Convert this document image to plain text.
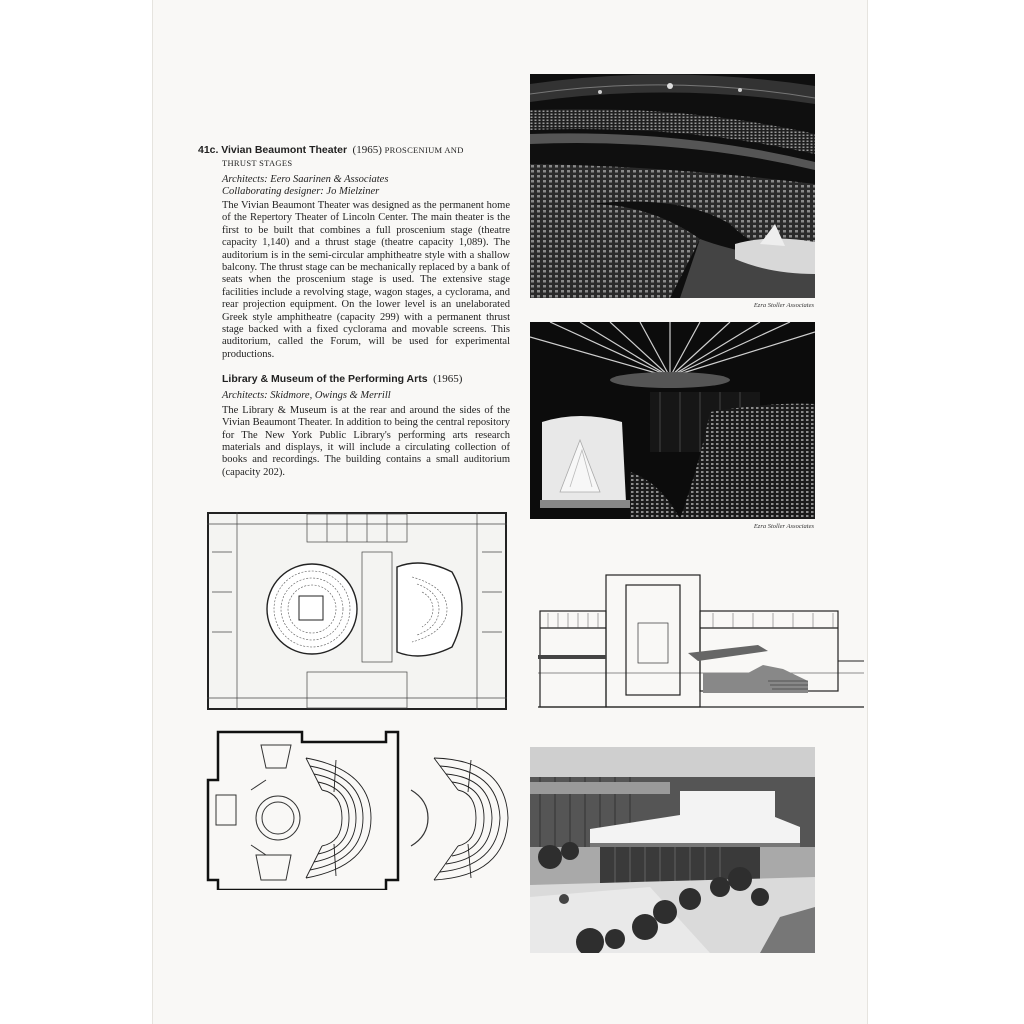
41c. Vivian Beaumont Theater (1965) PROSCENIUM AND
THRUST STAGES

Architects: Eero Saarinen & Associates
Collaborating designer: Jo Mielziner

The Vivian Beaumont Theater was designed as the permanent home of the Repertory Theater of Lincoln Center. The main theater is the first to be built that combines a full proscenium stage (theatre capacity 1,140) and a thrust stage (theatre capacity 1,089). The auditorium is in the semi-circular amphitheatre style with a shallow balcony. The thrust stage can be mechanically replaced by a bank of seats when the proscenium stage is used. The extensive stage facilities include a revolving stage, wagon stages, a cyclorama, and rear projection equipment. On the lower level is an unelaborated Greek style amphitheatre (capacity 299) with a permanent thrust stage backed with a fixed cyclorama and movable screens. This auditorium, called the Forum, will be used for experimental productions.

Library & Museum of the Performing Arts (1965)

Architects: Skidmore, Owings & Merrill

The Library & Museum is at the rear and around the sides of the Vivian Beaumont Theater. In addition to being the central repository for The New York Public Library's performing arts research materials and displays, it will include a circulating collection of books and recordings. The building contains a small auditorium (capacity 202).

Ezra Stoller Associates
Ezra Stoller Associates
